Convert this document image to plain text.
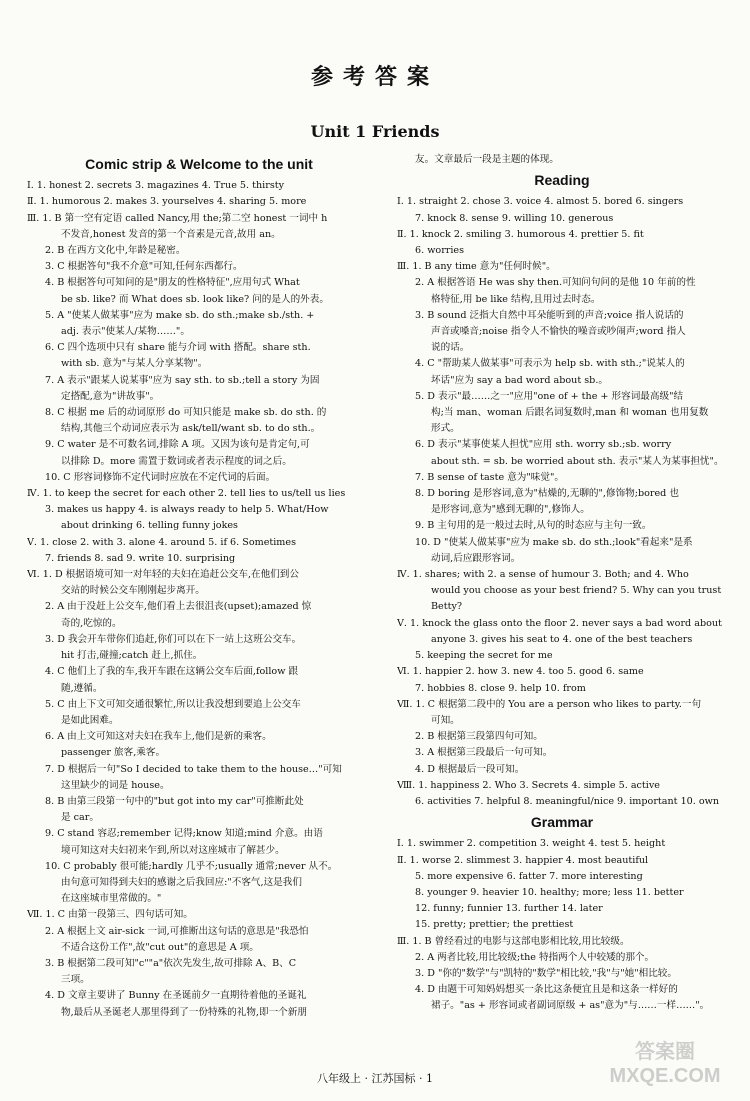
参考答案
Unit 1 Friends
Comic strip & Welcome to the unit
Ⅰ. 1. honest 2. secrets 3. magazines 4. True 5. thirsty
Ⅱ. 1. humorous 2. makes 3. yourselves 4. sharing 5. more
Ⅲ. 1. B 第一空有定语 called Nancy,用 the;第二空 honest 一词中 h
不发音,honest 发音的第一个音素是元音,故用 an。
2. B 在西方文化中,年龄是秘密。
3. C 根据答句"我不介意"可知,任何东西都行。
4. B 根据答句可知问的是"朋友的性格特征",应用句式 What
be sb. like? 而 What does sb. look like? 问的是人的外表。
5. A "使某人做某事"应为 make sb. do sth.;make sb./sth. +
adj. 表示"使某人/某物……"。
6. C 四个选项中只有 share 能与介词 with 搭配。share sth.
with sb. 意为"与某人分享某物"。
7. A 表示"跟某人说某事"应为 say sth. to sb.;tell a story 为固
定搭配,意为"讲故事"。
8. C 根据 me 后的动词原形 do 可知只能是 make sb. do sth. 的
结构,其他三个动词应表示为 ask/tell/want sb. to do sth.。
9. C water 是不可数名词,排除 A 项。又因为该句是肯定句,可
以排除 D。more 需置于数词或者表示程度的词之后。
10. C 形容词修饰不定代词时应放在不定代词的后面。
Ⅳ. 1. to keep the secret for each other 2. tell lies to us/tell us lies
3. makes us happy 4. is always ready to help 5. What/How
about drinking 6. telling funny jokes
Ⅴ. 1. close 2. with 3. alone 4. around 5. if 6. Sometimes
7. friends 8. sad 9. write 10. surprising
Ⅵ. 1. D 根据语境可知一对年轻的夫妇在追赶公交车,在他们到公
交站的时候公交车刚刚起步离开。
2. A 由于没赶上公交车,他们看上去很沮丧(upset);amazed 惊
奇的,吃惊的。
3. D 我会开车带你们追赶,你们可以在下一站上这班公交车。
hit 打击,碰撞;catch 赶上,抓住。
4. C 他们上了我的车,我开车跟在这辆公交车后面,follow 跟
随,遵循。
5. C 由上下文可知交通很繁忙,所以让我没想到要追上公交车
是如此困难。
6. A 由上文可知这对夫妇在我车上,他们是新的乘客。
passenger 旅客,乘客。
7. D 根据后一句"So I decided to take them to the house…"可知
这里缺少的词是 house。
8. B 由第三段第一句中的"but got into my car"可推断此处
是 car。
9. C stand 容忍;remember 记得;know 知道;mind 介意。由语
境可知这对夫妇初来乍到,所以对这座城市了解甚少。
10. C probably 很可能;hardly 几乎不;usually 通常;never 从不。
由句意可知得到夫妇的感谢之后我回应:"不客气,这是我们
在这座城市里常做的。"
Ⅶ. 1. C 由第一段第三、四句话可知。
2. A 根据上文 air-sick 一词,可推断出这句话的意思是"我恐怕
不适合这份工作",故"cut out"的意思是 A 项。
3. B 根据第二段可知"c""a"依次先发生,故可排除 A、B、C
三项。
4. D 文章主要讲了 Bunny 在圣诞前夕一直期待着他的圣诞礼
物,最后从圣诞老人那里得到了一份特殊的礼物,即一个新朋
友。文章最后一段是主题的体现。
Reading
Ⅰ. 1. straight 2. chose 3. voice 4. almost 5. bored 6. singers
7. knock 8. sense 9. willing 10. generous
Ⅱ. 1. knock 2. smiling 3. humorous 4. prettier 5. fit
6. worries
Ⅲ. 1. B any time 意为"任何时候"。
2. A 根据答语 He was shy then.可知问句问的是他 10 年前的性
格特征,用 be like 结构,且用过去时态。
3. B sound 泛指大自然中耳朵能听到的声音;voice 指人说话的
声音或嗓音;noise 指令人不愉快的噪音或吵闹声;word 指人
说的话。
4. C "帮助某人做某事"可表示为 help sb. with sth.;"说某人的
坏话"应为 say a bad word about sb.。
5. D 表示"最……之一"应用"one of + the + 形容词最高级"结
构;当 man、woman 后跟名词复数时,man 和 woman 也用复数
形式。
6. D 表示"某事使某人担忧"应用 sth. worry sb.;sb. worry
about sth. = sb. be worried about sth. 表示"某人为某事担忧"。
7. B sense of taste 意为"味觉"。
8. D boring 是形容词,意为"枯燥的,无聊的",修饰物;bored 也
是形容词,意为"感到无聊的",修饰人。
9. B 主句用的是一般过去时,从句的时态应与主句一致。
10. D "使某人做某事"应为 make sb. do sth.;look"看起来"是系
动词,后应跟形容词。
Ⅳ. 1. shares; with 2. a sense of humour 3. Both; and 4. Who
would you choose as your best friend? 5. Why can you trust
Betty?
Ⅴ. 1. knock the glass onto the floor 2. never says a bad word about
anyone 3. gives his seat to 4. one of the best teachers
5. keeping the secret for me
Ⅵ. 1. happier 2. how 3. new 4. too 5. good 6. same
7. hobbies 8. close 9. help 10. from
Ⅶ. 1. C 根据第二段中的 You are a person who likes to party.一句
可知。
2. B 根据第三段第四句可知。
3. A 根据第三段最后一句可知。
4. D 根据最后一段可知。
Ⅷ. 1. happiness 2. Who 3. Secrets 4. simple 5. active
6. activities 7. helpful 8. meaningful/nice 9. important 10. own
Grammar
Ⅰ. 1. swimmer 2. competition 3. weight 4. test 5. height
Ⅱ. 1. worse 2. slimmest 3. happier 4. most beautiful
5. more expensive 6. fatter 7. more interesting
8. younger 9. heavier 10. healthy; more; less 11. better
12. funny; funnier 13. further 14. later
15. pretty; prettier; the prettiest
Ⅲ. 1. B 曾经看过的电影与这部电影相比较,用比较级。
2. A 两者比较,用比较级;the 特指两个人中较矮的那个。
3. D "你的"数学"与"凯特的"数学"相比较,"我"与"她"相比较。
4. D 由题干可知妈妈想买一条比这条便宜且是和这条一样好的
裙子。"as + 形容词或者副词原级 + as"意为"与……一样……"。
八年级上 · 江苏国标 · 1
答案圈 MXQE.COM
